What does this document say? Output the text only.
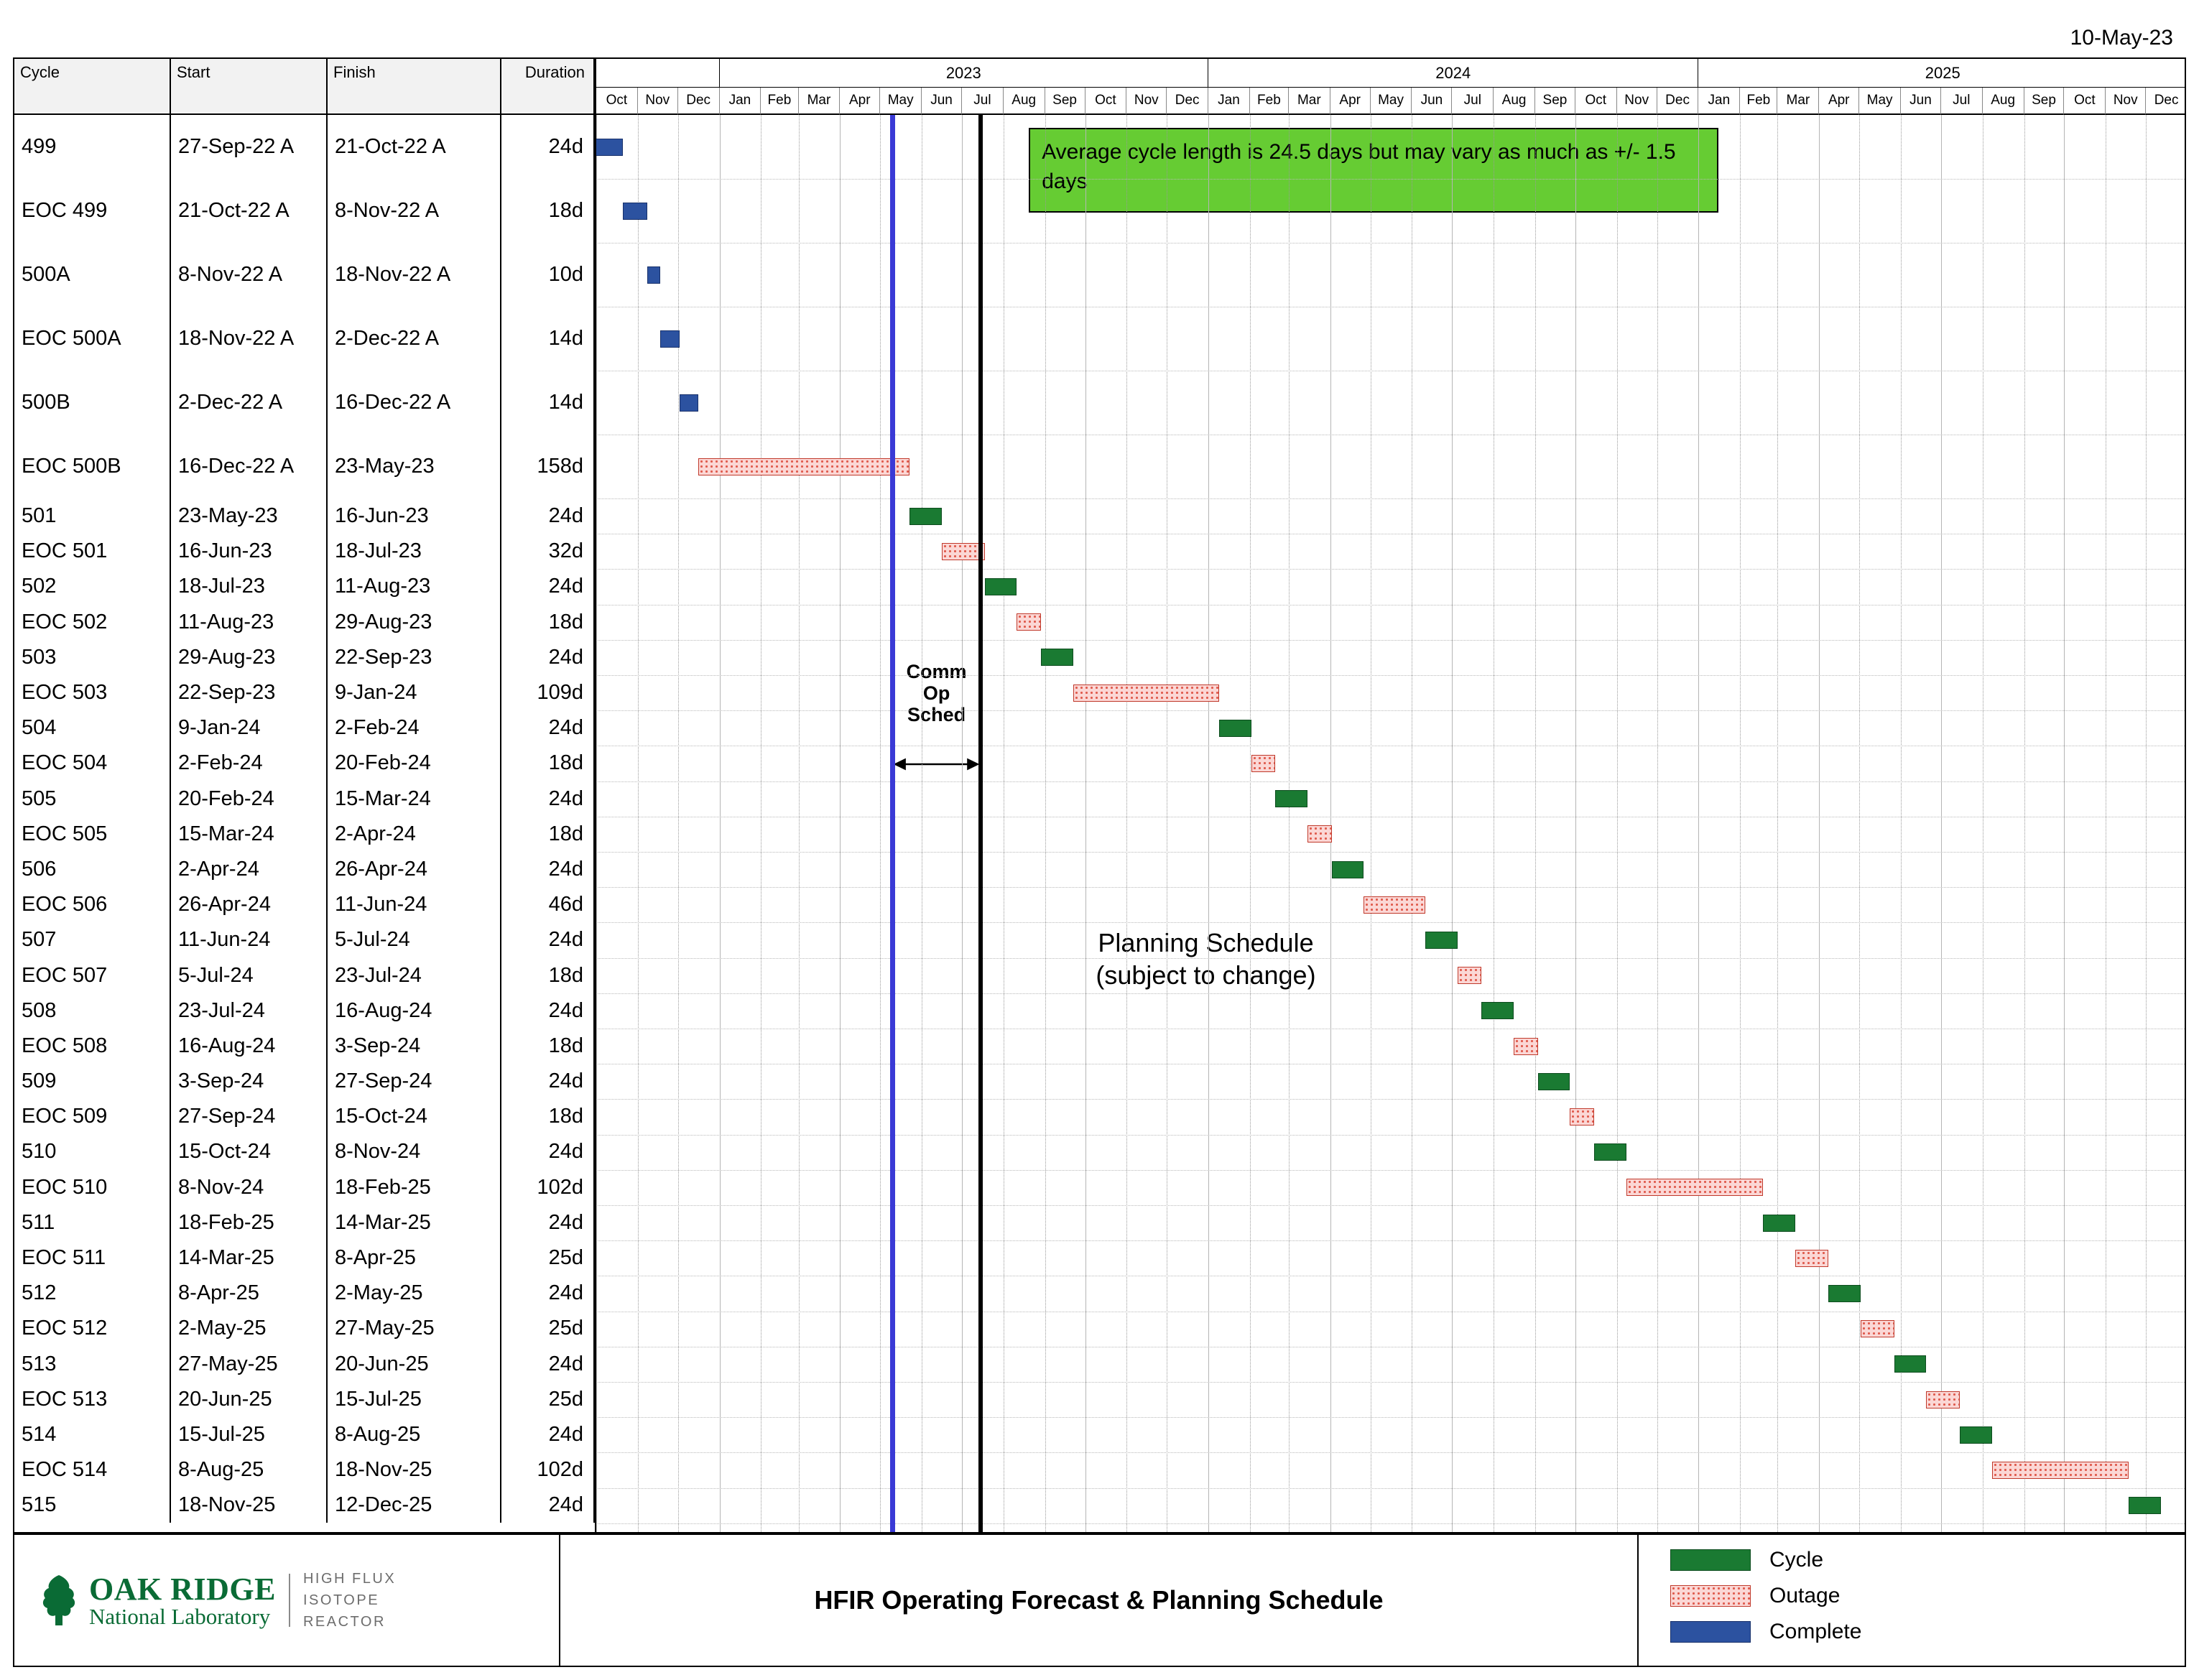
10-May-23
Cycle	Start	Finish	Duration
499	27-Sep-22 A	21-Oct-22 A	24d
EOC 499	21-Oct-22 A	8-Nov-22 A	18d
500A	8-Nov-22 A	18-Nov-22 A	10d
EOC 500A	18-Nov-22 A	2-Dec-22 A	14d
500B	2-Dec-22 A	16-Dec-22 A	14d
EOC 500B	16-Dec-22 A	23-May-23	158d
501	23-May-23	16-Jun-23	24d
EOC 501	16-Jun-23	18-Jul-23	32d
502	18-Jul-23	11-Aug-23	24d
EOC 502	11-Aug-23	29-Aug-23	18d
503	29-Aug-23	22-Sep-23	24d
EOC 503	22-Sep-23	9-Jan-24	109d
504	9-Jan-24	2-Feb-24	24d
EOC 504	2-Feb-24	20-Feb-24	18d
505	20-Feb-24	15-Mar-24	24d
EOC 505	15-Mar-24	2-Apr-24	18d
506	2-Apr-24	26-Apr-24	24d
EOC 506	26-Apr-24	11-Jun-24	46d
507	11-Jun-24	5-Jul-24	24d
EOC 507	5-Jul-24	23-Jul-24	18d
508	23-Jul-24	16-Aug-24	24d
EOC 508	16-Aug-24	3-Sep-24	18d
509	3-Sep-24	27-Sep-24	24d
EOC 509	27-Sep-24	15-Oct-24	18d
510	15-Oct-24	8-Nov-24	24d
EOC 510	8-Nov-24	18-Feb-25	102d
511	18-Feb-25	14-Mar-25	24d
EOC 511	14-Mar-25	8-Apr-25	25d
512	8-Apr-25	2-May-25	24d
EOC 512	2-May-25	27-May-25	25d
513	27-May-25	20-Jun-25	24d
EOC 513	20-Jun-25	15-Jul-25	25d
514	15-Jul-25	8-Aug-25	24d
EOC 514	8-Aug-25	18-Nov-25	102d
515	18-Nov-25	12-Dec-25	24d
Average cycle length is 24.5 days but may vary as much as +/- 1.5 days
Comm
Op
Sched
Planning Schedule
(subject to change)
Oct	Nov	Dec	Jan	Feb	Mar	Apr	May	Jun	Jul	Aug	Sep	Oct	Nov	Dec	Jan	Feb	Mar	Apr	May	Jun	Jul	Aug	Sep	Oct	Nov	Dec	Jan	Feb	Mar	Apr	May	Jun	Jul	Aug	Sep	Oct	Nov	Dec
2023	2024	2025
OAK RIDGE
National Laboratory
HIGH FLUX
ISOTOPE
REACTOR
HFIR Operating Forecast & Planning Schedule
Cycle
Outage
Complete
